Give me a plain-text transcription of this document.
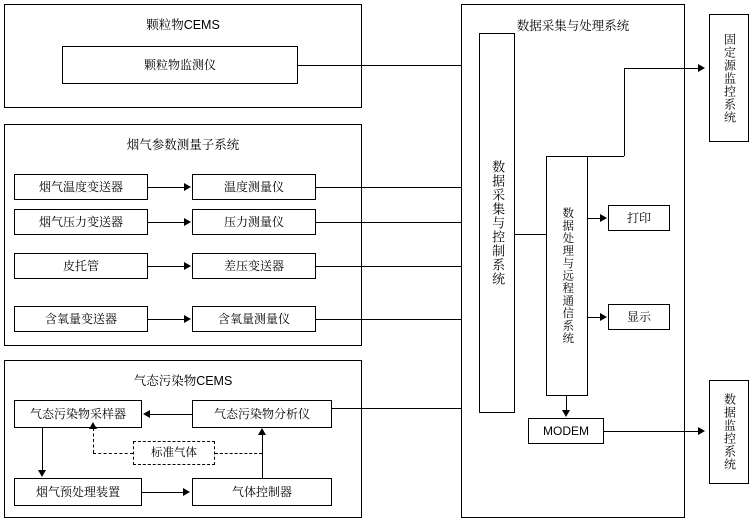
颗粒物CEMS
颗粒物监测仪
烟气参数测量子系统
烟气温度变送器	温度测量仪
烟气压力变送器	压力测量仪
皮托管	差压变送器
含氧量变送器	含氧量测量仪
气态污染物CEMS
气态污染物采样器	气态污染物分析仪
标准气体
烟气预处理装置	气体控制器
数据采集与处理系统
数据采集与控制系统	数据处理与远程通信系统	打印
显示
MODEM
固定源监控系统
数据监控系统
